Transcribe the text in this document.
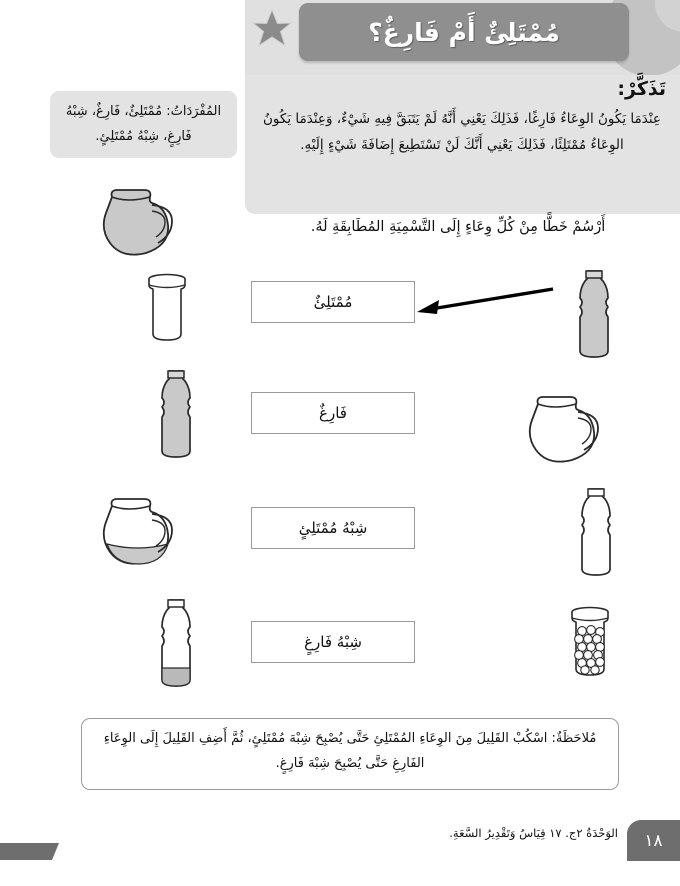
مُمْتَلِئٌ أَمْ فَارِغٌ؟
المُفْرَدَاتُ: مُمْتَلِئٌ، فَارِغٌ، شِبْهُ فَارِغٍ، شِبْهُ مُمْتَلِئٍ.
تَذَكَّرْ:
عِنْدَمَا يَكُونُ الوِعَاءُ فَارِغًا، فَذَلِكَ يَعْنِي أَنَّهُ لَمْ يَتَبَقَّ فِيهِ شَيْءٌ، وَعِنْدَمَا يَكُونُ الوِعَاءُ مُمْتَلِئًا، فَذَلِكَ يَعْنِي أَنَّكَ لَنْ تَسْتَطِيعَ إِضَافَةَ شَيْءٍ إِلَيْهِ.
أَرْسُمْ خَطًّا مِنْ كُلِّ وِعَاءٍ إِلَى التَّسْمِيَةِ المُطَابِقَةِ لَهُ.
مُمْتَلِئٌ
فَارِغٌ
شِبْهُ مُمْتَلِئٍ
شِبْهُ فَارِغٍ
مُلاحَظَةٌ: اسْكُبْ القَلِيلَ مِنَ الوِعَاءِ المُمْتَلِئِ حَتَّى يُصْبِحَ شِبْهَ مُمْتَلِئٍ، ثُمَّ أَضِفِ القَلِيلَ إِلَى الوِعَاءِ الفَارِغِ حَتَّى يُصْبِحَ شِبْهَ فَارِغٍ.
١٨
الوَحْدَةُ ٢ج. ١٧ قِيَاسُ وَتَقْدِيرُ السَّعَةِ.
